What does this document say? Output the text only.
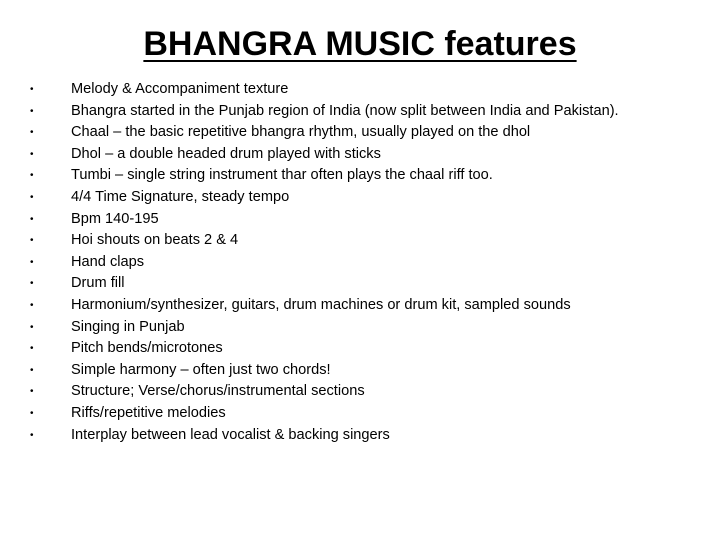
BHANGRA MUSIC features
•	Melody & Accompaniment texture
•	Bhangra started in the Punjab region of India (now split between India and Pakistan).
•	Chaal – the basic repetitive bhangra rhythm, usually played on the dhol
•	Dhol – a double headed drum played with sticks
•	Tumbi – single string instrument thar often plays the chaal riff too.
•	4/4 Time Signature, steady tempo
•	Bpm 140-195
•	Hoi shouts on beats 2 & 4
•	Hand claps
•	Drum fill
•	Harmonium/synthesizer, guitars, drum machines or drum kit, sampled sounds
•	Singing in Punjab
•	Pitch bends/microtones
•	Simple harmony – often just two chords!
•	Structure; Verse/chorus/instrumental sections
•	Riffs/repetitive melodies
•	Interplay between lead vocalist & backing singers
